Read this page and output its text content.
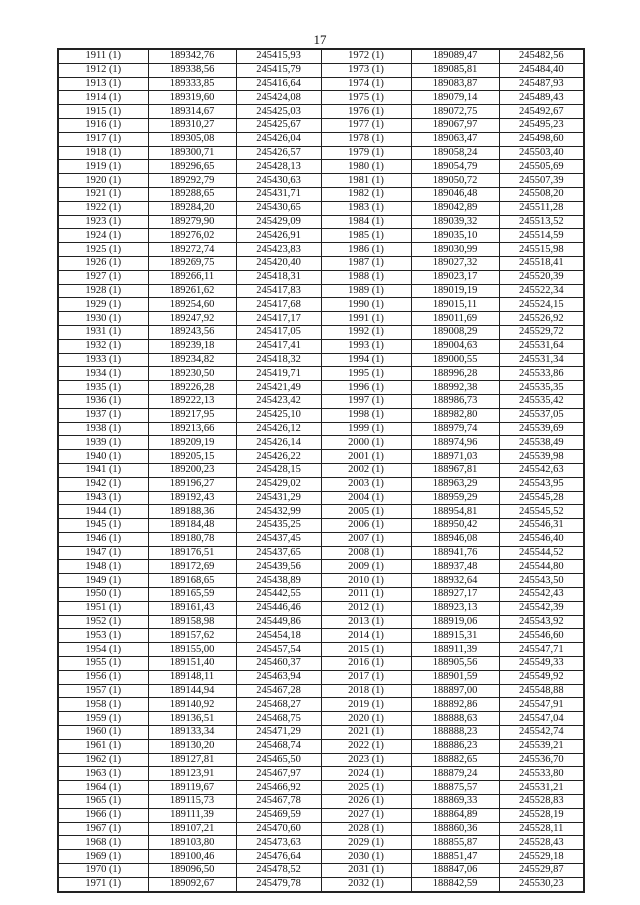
17
1911 (1)	189342,76	245415,93	1972 (1)	189089,47	245482,56
1912 (1)	189338,56	245415,79	1973 (1)	189085,81	245484,40
1913 (1)	189333,85	245416,64	1974 (1)	189083,87	245487,93
1914 (1)	189319,60	245424,08	1975 (1)	189079,14	245489,43
1915 (1)	189314,67	245425,03	1976 (1)	189072,75	245492,67
1916 (1)	189310,27	245425,67	1977 (1)	189067,97	245495,23
1917 (1)	189305,08	245426,04	1978 (1)	189063,47	245498,60
1918 (1)	189300,71	245426,57	1979 (1)	189058,24	245503,40
1919 (1)	189296,65	245428,13	1980 (1)	189054,79	245505,69
1920 (1)	189292,79	245430,63	1981 (1)	189050,72	245507,39
1921 (1)	189288,65	245431,71	1982 (1)	189046,48	245508,20
1922 (1)	189284,20	245430,65	1983 (1)	189042,89	245511,28
1923 (1)	189279,90	245429,09	1984 (1)	189039,32	245513,52
1924 (1)	189276,02	245426,91	1985 (1)	189035,10	245514,59
1925 (1)	189272,74	245423,83	1986 (1)	189030,99	245515,98
1926 (1)	189269,75	245420,40	1987 (1)	189027,32	245518,41
1927 (1)	189266,11	245418,31	1988 (1)	189023,17	245520,39
1928 (1)	189261,62	245417,83	1989 (1)	189019,19	245522,34
1929 (1)	189254,60	245417,68	1990 (1)	189015,11	245524,15
1930 (1)	189247,92	245417,17	1991 (1)	189011,69	245526,92
1931 (1)	189243,56	245417,05	1992 (1)	189008,29	245529,72
1932 (1)	189239,18	245417,41	1993 (1)	189004,63	245531,64
1933 (1)	189234,82	245418,32	1994 (1)	189000,55	245531,34
1934 (1)	189230,50	245419,71	1995 (1)	188996,28	245533,86
1935 (1)	189226,28	245421,49	1996 (1)	188992,38	245535,35
1936 (1)	189222,13	245423,42	1997 (1)	188986,73	245535,42
1937 (1)	189217,95	245425,10	1998 (1)	188982,80	245537,05
1938 (1)	189213,66	245426,12	1999 (1)	188979,74	245539,69
1939 (1)	189209,19	245426,14	2000 (1)	188974,96	245538,49
1940 (1)	189205,15	245426,22	2001 (1)	188971,03	245539,98
1941 (1)	189200,23	245428,15	2002 (1)	188967,81	245542,63
1942 (1)	189196,27	245429,02	2003 (1)	188963,29	245543,95
1943 (1)	189192,43	245431,29	2004 (1)	188959,29	245545,28
1944 (1)	189188,36	245432,99	2005 (1)	188954,81	245545,52
1945 (1)	189184,48	245435,25	2006 (1)	188950,42	245546,31
1946 (1)	189180,78	245437,45	2007 (1)	188946,08	245546,40
1947 (1)	189176,51	245437,65	2008 (1)	188941,76	245544,52
1948 (1)	189172,69	245439,56	2009 (1)	188937,48	245544,80
1949 (1)	189168,65	245438,89	2010 (1)	188932,64	245543,50
1950 (1)	189165,59	245442,55	2011 (1)	188927,17	245542,43
1951 (1)	189161,43	245446,46	2012 (1)	188923,13	245542,39
1952 (1)	189158,98	245449,86	2013 (1)	188919,06	245543,92
1953 (1)	189157,62	245454,18	2014 (1)	188915,31	245546,60
1954 (1)	189155,00	245457,54	2015 (1)	188911,39	245547,71
1955 (1)	189151,40	245460,37	2016 (1)	188905,56	245549,33
1956 (1)	189148,11	245463,94	2017 (1)	188901,59	245549,92
1957 (1)	189144,94	245467,28	2018 (1)	188897,00	245548,88
1958 (1)	189140,92	245468,27	2019 (1)	188892,86	245547,91
1959 (1)	189136,51	245468,75	2020 (1)	188888,63	245547,04
1960 (1)	189133,34	245471,29	2021 (1)	188888,23	245542,74
1961 (1)	189130,20	245468,74	2022 (1)	188886,23	245539,21
1962 (1)	189127,81	245465,50	2023 (1)	188882,65	245536,70
1963 (1)	189123,91	245467,97	2024 (1)	188879,24	245533,80
1964 (1)	189119,67	245466,92	2025 (1)	188875,57	245531,21
1965 (1)	189115,73	245467,78	2026 (1)	188869,33	245528,83
1966 (1)	189111,39	245469,59	2027 (1)	188864,89	245528,19
1967 (1)	189107,21	245470,60	2028 (1)	188860,36	245528,11
1968 (1)	189103,80	245473,63	2029 (1)	188855,87	245528,43
1969 (1)	189100,46	245476,64	2030 (1)	188851,47	245529,18
1970 (1)	189096,50	245478,52	2031 (1)	188847,06	245529,87
1971 (1)	189092,67	245479,78	2032 (1)	188842,59	245530,23
